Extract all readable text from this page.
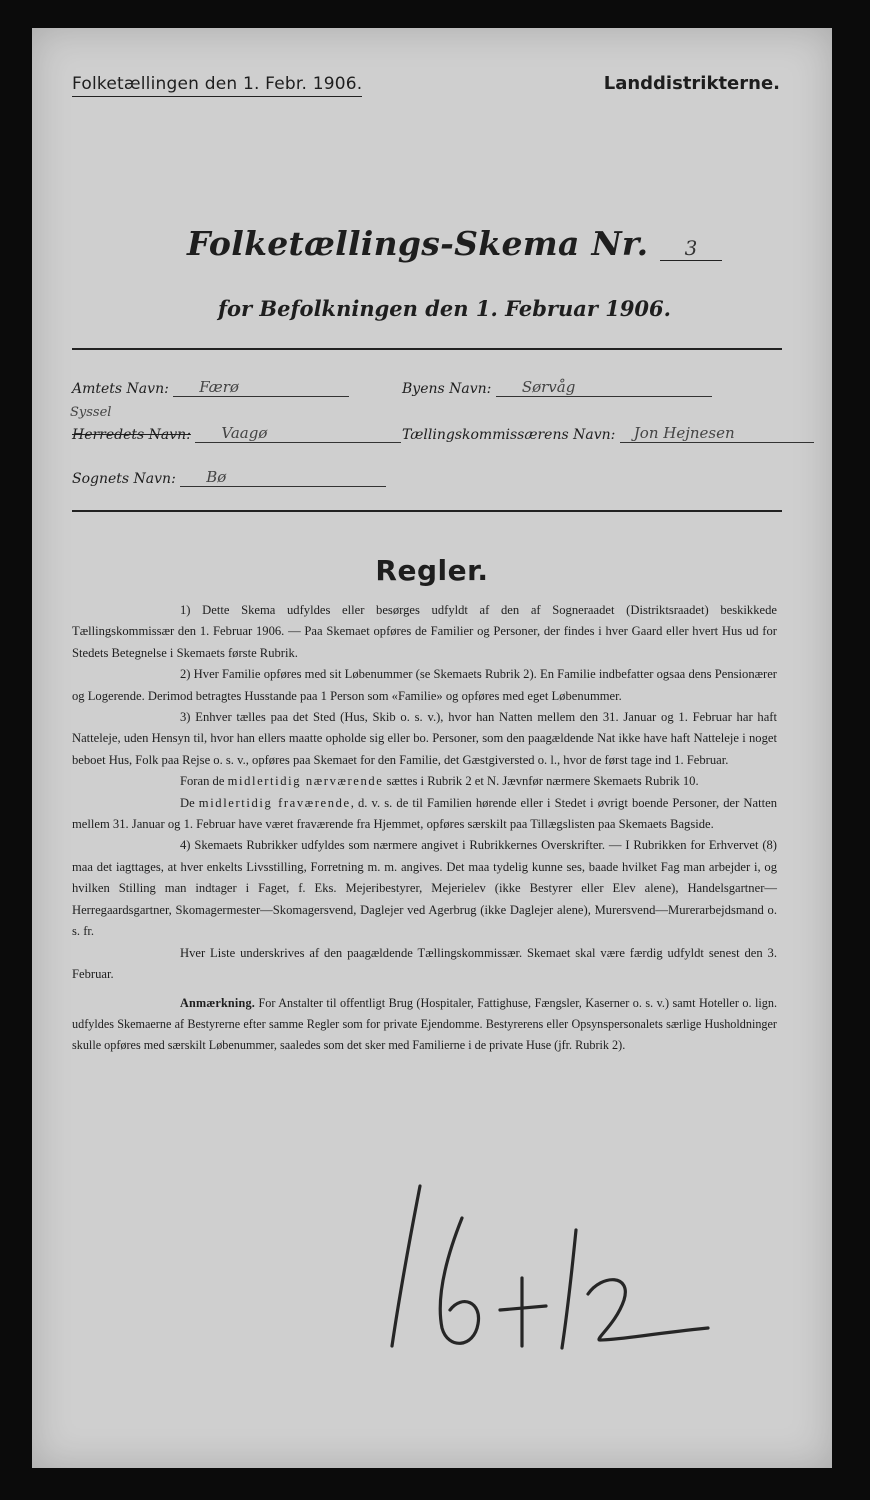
Folketællingen den 1. Febr. 1906.	Landdistrikterne.
Folketællings-Skema Nr. 3
for Befolkningen den 1. Februar 1906.
Amtets Navn: Færø	Byens Navn: Sørvåg
Syssel
Herredets Navn: Vaagø	Tællingskommissærens Navn: Jon Hejnesen
Sognets Navn: Bø
Regler.

1) Dette Skema udfyldes eller besørges udfyldt af den af Sogneraadet (Distriktsraadet) beskikkede Tællingskommissær den 1. Februar 1906. — Paa Skemaet opføres de Familier og Personer, der findes i hver Gaard eller hvert Hus ud for Stedets Betegnelse i Skemaets første Rubrik.

2) Hver Familie opføres med sit Løbenummer (se Skemaets Rubrik 2). En Familie indbefatter ogsaa dens Pensionærer og Logerende. Derimod betragtes Husstande paa 1 Person som «Familie» og opføres med eget Løbenummer.

3) Enhver tælles paa det Sted (Hus, Skib o. s. v.), hvor han Natten mellem den 31. Januar og 1. Februar har haft Natteleje, uden Hensyn til, hvor han ellers maatte opholde sig eller bo. Personer, som den paagældende Nat ikke have haft Natteleje i noget beboet Hus, Folk paa Rejse o. s. v., opføres paa Skemaet for den Familie, det Gæstgiversted o. l., hvor de først tage ind 1. Februar.

Foran de midlertidig nærværende sættes i Rubrik 2 et N. Jævnfør nærmere Skemaets Rubrik 10.

De midlertidig fraværende, d. v. s. de til Familien hørende eller i Stedet i øvrigt boende Personer, der Natten mellem 31. Januar og 1. Februar have været fraværende fra Hjemmet, opføres særskilt paa Tillægslisten paa Skemaets Bagside.

4) Skemaets Rubrikker udfyldes som nærmere angivet i Rubrikkernes Overskrifter. — I Rubrikken for Erhvervet (8) maa det iagttages, at hver enkelts Livsstilling, Forretning m. m. angives. Det maa tydelig kunne ses, baade hvilket Fag man arbejder i, og hvilken Stilling man indtager i Faget, f. Eks. Mejeribestyrer, Mejerielev (ikke Bestyrer eller Elev alene), Handelsgartner—Herregaardsgartner, Skomagermester—Skomagersvend, Daglejer ved Agerbrug (ikke Daglejer alene), Murersvend—Murerarbejdsmand o. s. fr.

Hver Liste underskrives af den paagældende Tællingskommissær. Skemaet skal være færdig udfyldt senest den 3. Februar.

Anmærkning. For Anstalter til offentligt Brug (Hospitaler, Fattighuse, Fængsler, Kaserner o. s. v.) samt Hoteller o. lign. udfyldes Skemaerne af Bestyrerne efter samme Regler som for private Ejendomme. Bestyrerens eller Opsynspersonalets særlige Husholdninger skulle opføres med særskilt Løbenummer, saaledes som det sker med Familierne i de private Huse (jfr. Rubrik 2).
